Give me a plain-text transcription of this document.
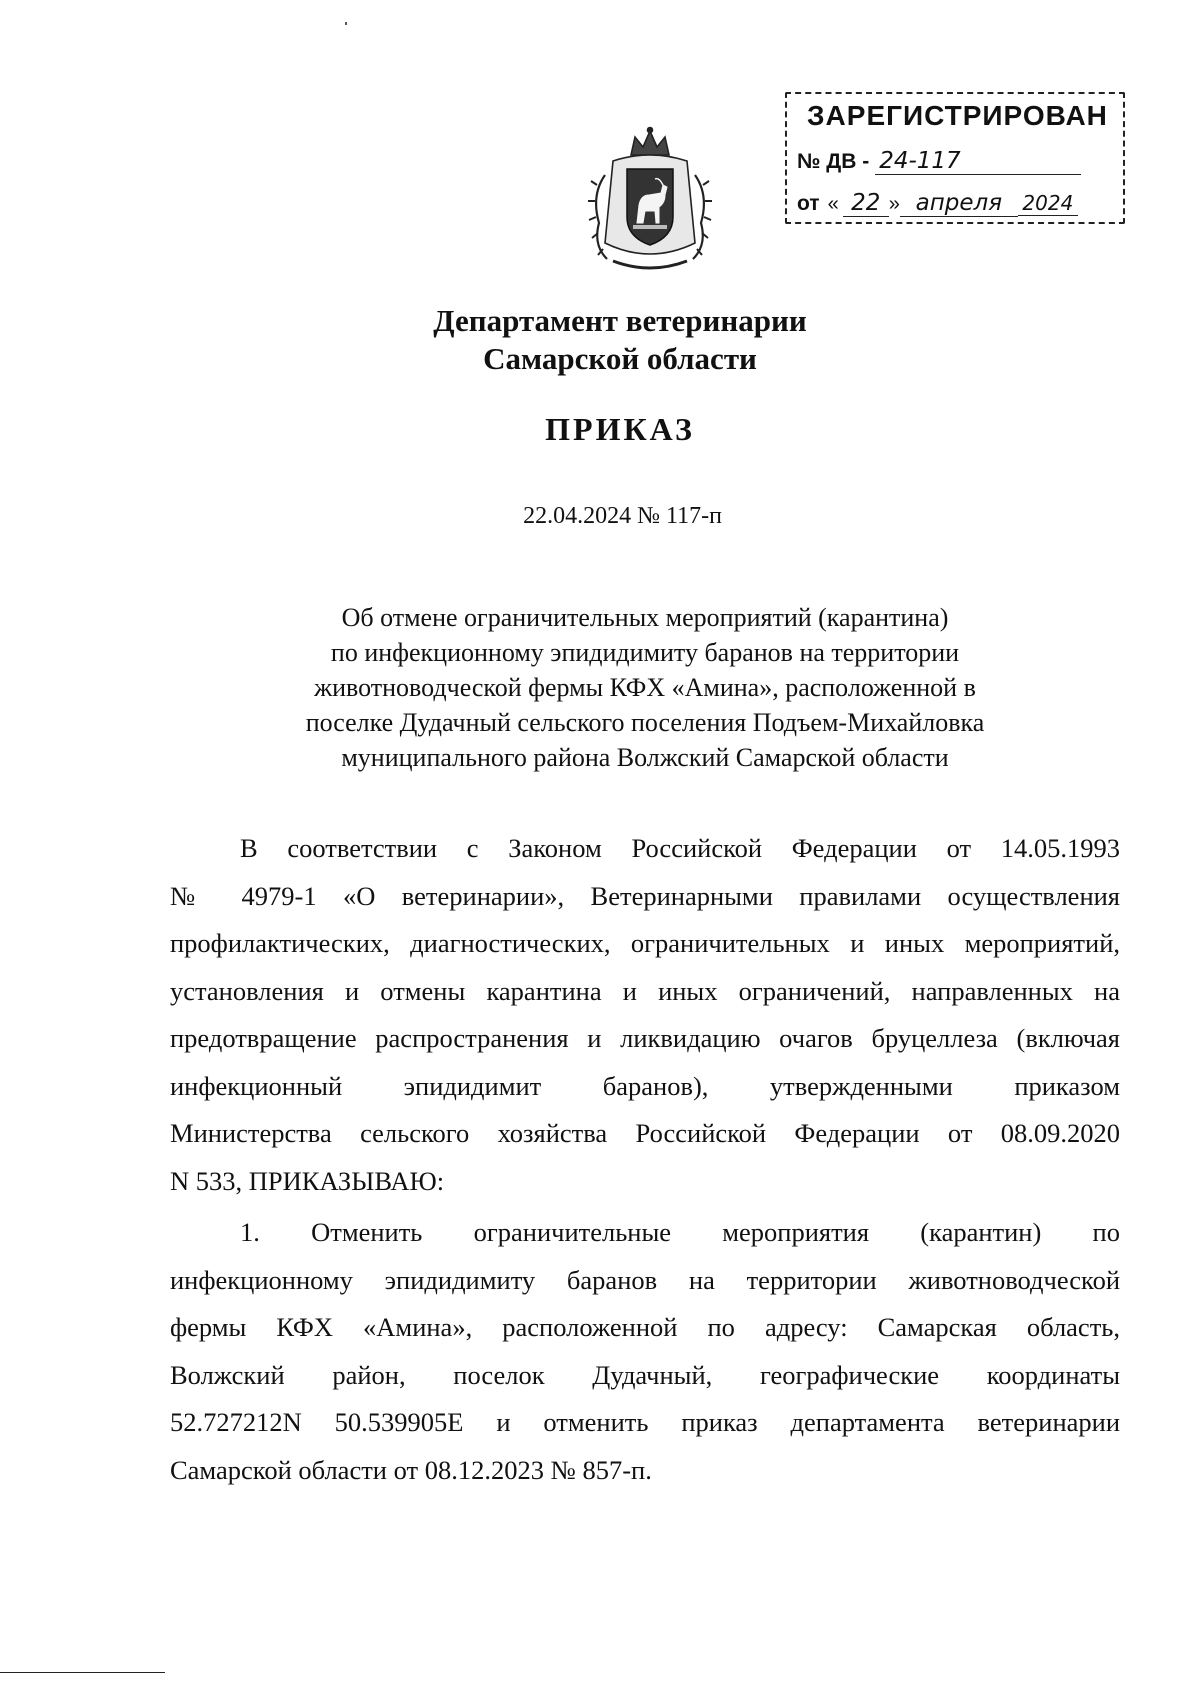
ЗАРЕГИСТРИРОВАН
№ ДВ - 24-117
от « 22 » апреля	2024
Департамент ветеринарии
Самарской области
ПРИКАЗ
22.04.2024 № 117-п
Об отмене ограничительных мероприятий (карантина)
по инфекционному эпидидимиту баранов на территории
животноводческой фермы КФХ «Амина», расположенной в
поселке Дудачный сельского поселения Подъем-Михайловка
муниципального района Волжский Самарской области
В соответствии с Законом Российской Федерации от 14.05.1993
№ 4979-1 «О ветеринарии», Ветеринарными правилами осуществления
профилактических, диагностических, ограничительных и иных мероприятий,
установления и отмены карантина и иных ограничений, направленных на
предотвращение распространения и ликвидацию очагов бруцеллеза (включая
инфекционный эпидидимит баранов), утвержденными приказом
Министерства сельского хозяйства Российской Федерации от 08.09.2020
N 533, ПРИКАЗЫВАЮ:
1. Отменить ограничительные мероприятия (карантин) по
инфекционному эпидидимиту баранов на территории животноводческой
фермы КФХ «Амина», расположенной по адресу: Самарская область,
Волжский район, поселок Дудачный, географические координаты
52.727212N 50.539905E и отменить приказ департамента ветеринарии
Самарской области от 08.12.2023 № 857-п.
